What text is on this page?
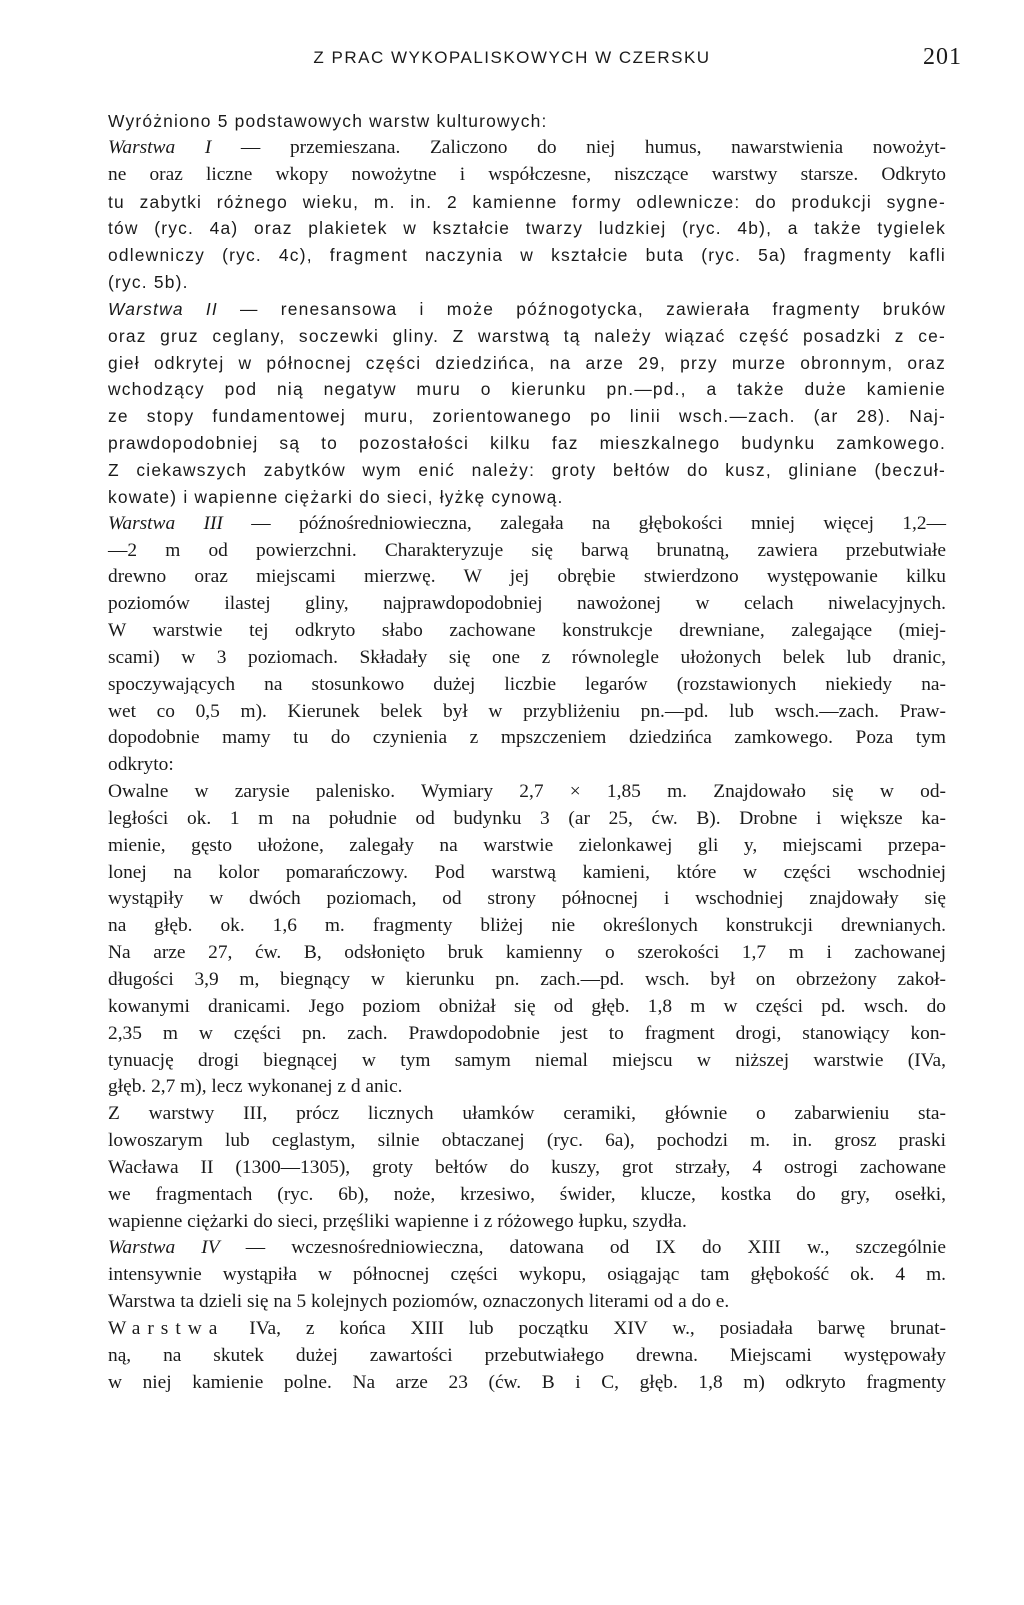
Z PRAC WYKOPALISKOWYCH W CZERSKU	201

Wyróżniono 5 podstawowych warstw kulturowych:

Warstwa I — przemieszana. Zaliczono do niej humus, nawarstwienia nowożyt-
ne oraz liczne wkopy nowożytne i współczesne, niszczące warstwy starsze. Odkryto
tu zabytki różnego wieku, m. in. 2 kamienne formy odlewnicze: do produkcji sygne-
tów (ryc. 4a) oraz plakietek w kształcie twarzy ludzkiej (ryc. 4b), a także tygielek
odlewniczy (ryc. 4c), fragment naczynia w kształcie buta (ryc. 5a) fragmenty kafli
(ryc. 5b).

Warstwa II — renesansowa i może późnogotycka, zawierała fragmenty bruków
oraz gruz ceglany, soczewki gliny. Z warstwą tą należy wiązać część posadzki z ce-
gieł odkrytej w północnej części dziedzińca, na arze 29, przy murze obronnym, oraz
wchodzący pod nią negatyw muru o kierunku pn.—pd., a także duże kamienie
ze stopy fundamentowej muru, zorientowanego po linii wsch.—zach. (ar 28). Naj-
prawdopodobniej są to pozostałości kilku faz mieszkalnego budynku zamkowego.
Z ciekawszych zabytków wym enić należy: groty bełtów do kusz, gliniane (beczuł-
kowate) i wapienne ciężarki do sieci, łyżkę cynową.

Warstwa III — późnośredniowieczna, zalegała na głębokości mniej więcej 1,2—
—2 m od powierzchni. Charakteryzuje się barwą brunatną, zawiera przebutwiałe
drewno oraz miejscami mierzwę. W jej obrębie stwierdzono występowanie kilku
poziomów ilastej gliny, najprawdopodobniej nawożonej w celach niwelacyjnych.
W warstwie tej odkryto słabo zachowane konstrukcje drewniane, zalegające (miej-
scami) w 3 poziomach. Składały się one z równolegle ułożonych belek lub dranic,
spoczywających na stosunkowo dużej liczbie legarów (rozstawionych niekiedy na-
wet co 0,5 m). Kierunek belek był w przybliżeniu pn.—pd. lub wsch.—zach. Praw-
dopodobnie mamy tu do czynienia z mpszczeniem dziedzińca zamkowego. Poza tym
odkryto:

Owalne w zarysie palenisko. Wymiary 2,7 × 1,85 m. Znajdowało się w od-
ległości ok. 1 m na południe od budynku 3 (ar 25, ćw. B). Drobne i większe ka-
mienie, gęsto ułożone, zalegały na warstwie zielonkawej gli y, miejscami przepa-
lonej na kolor pomarańczowy. Pod warstwą kamieni, które w części wschodniej
wystąpiły w dwóch poziomach, od strony północnej i wschodniej znajdowały się
na głęb. ok. 1,6 m. fragmenty bliżej nie określonych konstrukcji drewnianych.

Na arze 27, ćw. B, odsłonięto bruk kamienny o szerokości 1,7 m i zachowanej
długości 3,9 m, biegnący w kierunku pn. zach.—pd. wsch. był on obrzeżony zakoł-
kowanymi dranicami. Jego poziom obniżał się od głęb. 1,8 m w części pd. wsch. do
2,35 m w części pn. zach. Prawdopodobnie jest to fragment drogi, stanowiący kon-
tynuację drogi biegnącej w tym samym niemal miejscu w niższej warstwie (IVa,
głęb. 2,7 m), lecz wykonanej z d anic.

Z warstwy III, prócz licznych ułamków ceramiki, głównie o zabarwieniu sta-
lowoszarym lub ceglastym, silnie obtaczanej (ryc. 6a), pochodzi m. in. grosz praski
Wacława II (1300—1305), groty bełtów do kuszy, grot strzały, 4 ostrogi zachowane
we fragmentach (ryc. 6b), noże, krzesiwo, świder, klucze, kostka do gry, osełki,
wapienne ciężarki do sieci, przęśliki wapienne i z różowego łupku, szydła.

Warstwa IV — wczesnośredniowieczna, datowana od IX do XIII w., szczególnie
intensywnie wystąpiła w północnej części wykopu, osiągając tam głębokość ok. 4 m.
Warstwa ta dzieli się na 5 kolejnych poziomów, oznaczonych literami od a do e.

Warstwa IVa, z końca XIII lub początku XIV w., posiadała barwę brunat-
ną, na skutek dużej zawartości przebutwiałego drewna. Miejscami występowały
w niej kamienie polne. Na arze 23 (ćw. B i C, głęb. 1,8 m) odkryto fragmenty
